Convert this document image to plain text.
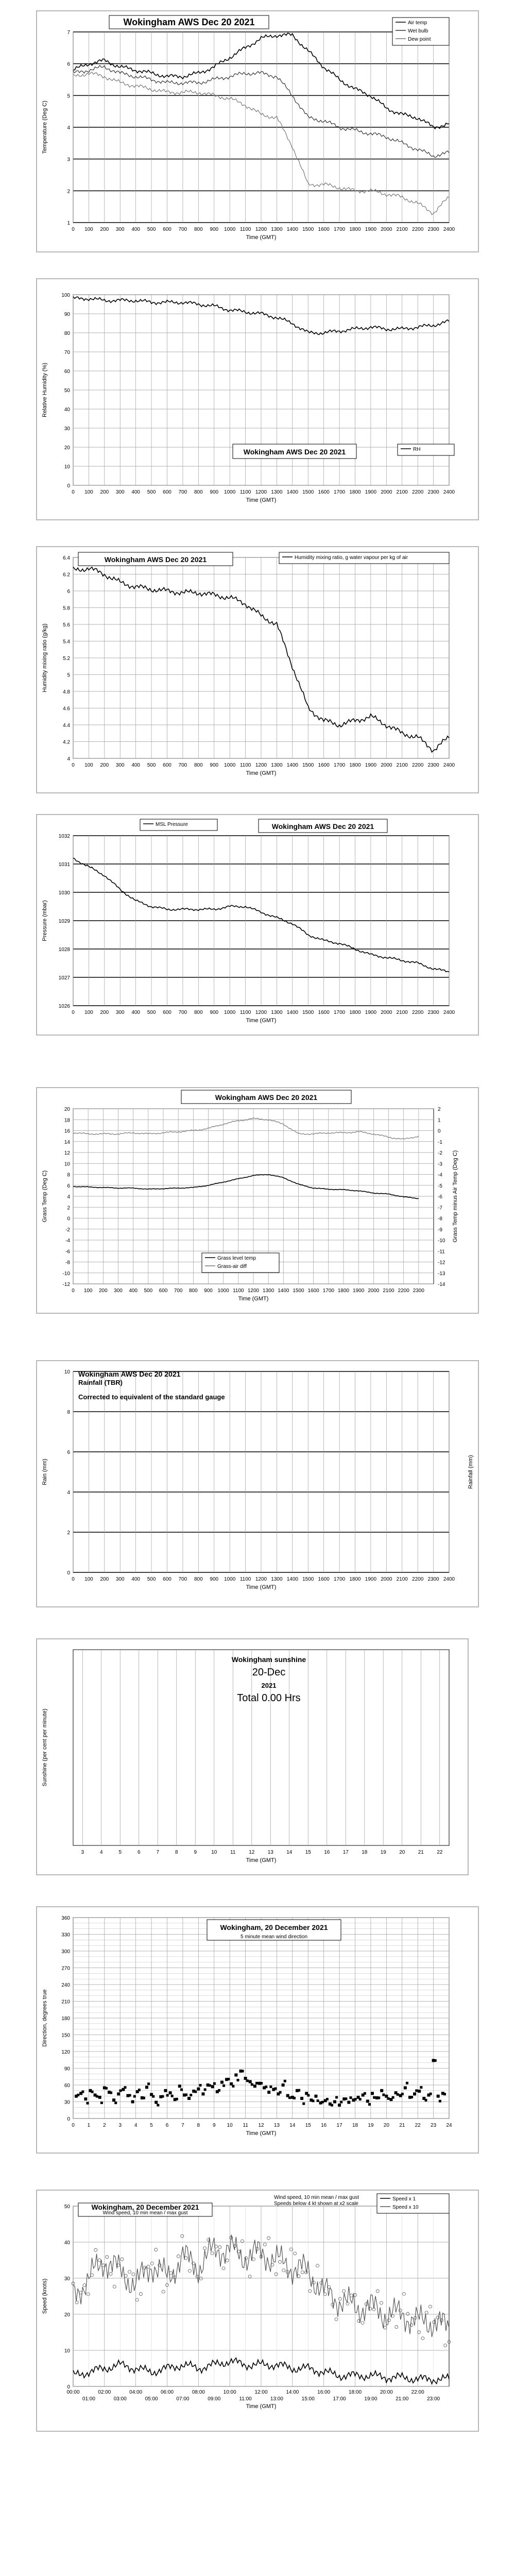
1
2
3
4
5
6
7
0 100 200 300 400 500 600 700 800 900 1000 1100 1200 1300 1400 1500 1600 1700 1800 1900 2000 2100 2200 2300 2400
Time (GMT)
Temperature (Deg C)
Wokingham AWS Dec 20 2021	Air temp
Wet bulb
Dew point
0
10
20
30
40
50
60
70
80
90
100
0 100 200 300 400 500 600 700 800 900 1000 1100 1200 1300 1400 1500 1600 1700 1800 1900 2000 2100 2200 2300 2400
Time (GMT)
Relative Humidity (%)
Wokingham AWS Dec 20 2021	RH
4
4.2
4.4
4.6
4.8
5
5.2
5.4
5.6
5.8
6
6.2
6.4
0 100 200 300 400 500 600 700 800 900 1000 1100 1200 1300 1400 1500 1600 1700 1800 1900 2000 2100 2200 2300 2400
Time (GMT)
Humidity mixing ratio (g/kg)
Wokingham AWS Dec 20 2021	Humidity mixing ratio, g water vapour per kg of air
1026
1027
1028
1029
1030
1031
1032
0 100 200 300 400 500 600 700 800 900 1000 1100 1200 1300 1400 1500 1600 1700 1800 1900 2000 2100 2200 2300 2400
Time (GMT)
Pressure (mbar)
Wokingham AWS Dec 20 2021
MSL Pressure
-12
-10
-8
-6
-4
-2
0
2
4
6
8
10
12
14
16
18
20
0 100 200 300 400 500 600 700 800 900 1000 1100 1200 1300 1400 1500 1600 1700 1800 1900 2000 2100 2200 2300
Time (GMT)
Grass Temp (Deg C)
-14
-13
-12
-11
-10
-9
-8
-7
-6
-5
-4
-3
-2
-1
0
1
2
Grass Temp minus Air Temp (Deg C)
Wokingham AWS Dec 20 2021
Grass level temp
Grass-air diff
0
2
4
6
8
10
0 100 200 300 400 500 600 700 800 900 1000 1100 1200 1300 1400 1500 1600 1700 1800 1900 2000 2100 2200 2300 2400
Time (GMT)
Rain (mm)	Rainfall (mm)
Wokingham AWS Dec 20 2021
Rainfall (TBR)
Corrected to equivalent of the standard gauge
3	4	5	6	7	8	9	10	11	12	13	14	15	16	17	18	19	20	21	22
Time (GMT)
Sunshine (per cent per minute)
Wokingham sunshine
20-Dec
2021
Total 0.00 Hrs
0
30
60
90
120
150
180
210
240
270
300
330
360
0 1 2 3 4 5 6 7 8 9 10 11 12 13 14 15 16 17 18 19 20 21 22 23 24
Time (GMT)
Direction, degrees true
Wokingham, 20 December 2021
5 minute mean wind direction
0
10
20
30
40
50
00:00	02:00	04:00	06:00	08:00	10:00	12:00	14:00	16:00	18:00	20:00	22:00
01:00	03:00	05:00	07:00	09:00	11:00	13:00	15:00	17:00	19:00	21:00	23:00
Time (GMT)
Speed (knots)
Wokingham, 20 December 2021
Wind speed, 10 min mean / max gust
Wind speed, 10 min mean / max gust
Speeds below 4 kt shown at x2 scale
Speed x 1
Speed x 10
